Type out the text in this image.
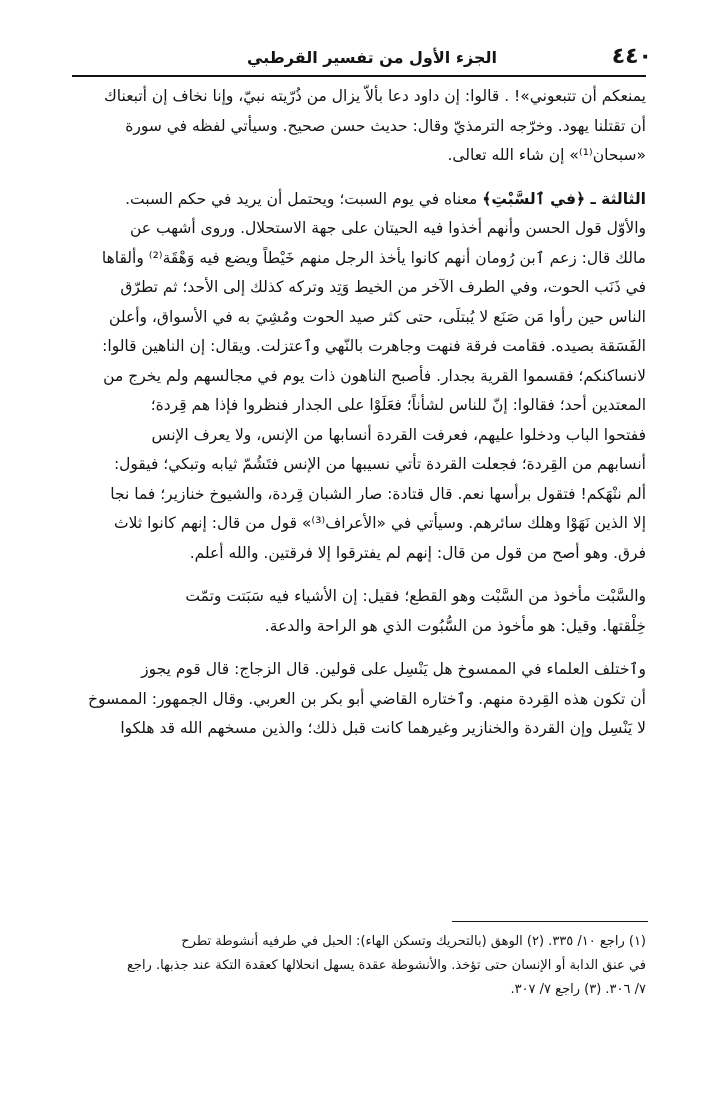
٤٤٠
الجزء الأول من تفسير القرطبي
يمنعكم أن تتبعوني»! . قالوا: إن داود دعا بألاّ يزال من ذُرّيته نبيّ، وإنا نخاف إن أتبعناك
أن تقتلنا يهود. وخرّجه الترمذيّ وقال: حديث حسن صحيح. وسيأتي لفظه في سورة
«سبحان⁽¹⁾» إن شاء الله تعالى.
الثالثة ـ ﴿في ٱلسَّبْتِ﴾ معناه في يوم السبت؛ ويحتمل أن يريد في حكم السبت.
والأوّل قول الحسن وأنهم أخذوا فيه الحيتان على جهة الاستحلال. وروى أشهب عن
مالك قال: زعم ٱبن رُومان أنهم كانوا يأخذ الرجل منهم خَيْطاً ويضع فيه وَهْقَة⁽²⁾ وألقاها
في ذَنَب الحوت، وفي الطرف الآخر من الخيط وَتِد وتركه كذلك إلى الأحد؛ ثم تطرّق
الناس حين رأوا مَن صَنَع لا يُبتلَى، حتى كثر صيد الحوت ومُشِيَ به في الأسواق، وأعلن
الفَسَقة بصيده. فقامت فرقة فنهت وجاهرت بالنّهي وٱعتزلت. ويقال: إن الناهين قالوا:
لانساكنكم؛ فقسموا القرية بجدار. فأصبح الناهون ذات يوم في مجالسهم ولم يخرج من
المعتدين أحد؛ فقالوا: إنّ للناس لشأناً؛ فعَلَوْا على الجدار فنظروا فإذا هم قِردة؛
ففتحوا الباب ودخلوا عليهم، فعرفت القردة أنسابها من الإنس، ولا يعرف الإنس
أنسابهم من القِردة؛ فجعلت القردة تأتي نسيبها من الإنس فتَشُمّ ثيابه وتبكي؛ فيقول:
ألم ننْهَكم! فتقول برأسها نعم. قال قتادة: صار الشبان قِردة، والشيوخ خنازير؛ فما نجا
إلا الذين نَهَوْا وهلك سائرهم. وسيأتي في «الأعراف⁽³⁾» قول من قال: إنهم كانوا ثلاث
فرق. وهو أصح من قول من قال: إنهم لم يفترقوا إلا فرقتين. والله أعلم.
والسَّبْت مأخوذ من السَّبْت وهو القطع؛ فقيل: إن الأشياء فيه سَبَتت وتمّت
خِلْقتها. وقيل: هو مأخوذ من السُّبُوت الذي هو الراحة والدعة.
وٱختلف العلماء في الممسوخ هل يَنْسِل على قولين. قال الزجاج: قال قوم يجوز
أن تكون هذه القِردة منهم. وٱختاره القاضي أبو بكر بن العربي. وقال الجمهور: الممسوخ
لا يَنْسِل وإن القردة والخنازير وغيرهما كانت قبل ذلك؛ والذين مسخهم الله قد هلكوا
(١) راجع ١٠/ ٣٣٥. (٢) الوهق (بالتحريك وتسكن الهاء): الحبل في طرفيه أنشوطة تطرح
في عنق الدابة أو الإنسان حتى تؤخذ. والأنشوطة عقدة يسهل انحلالها كعقدة التكة عند جذبها. راجع
٧/ ٣٠٦. (٣) راجع ٧/ ٣٠٧.
